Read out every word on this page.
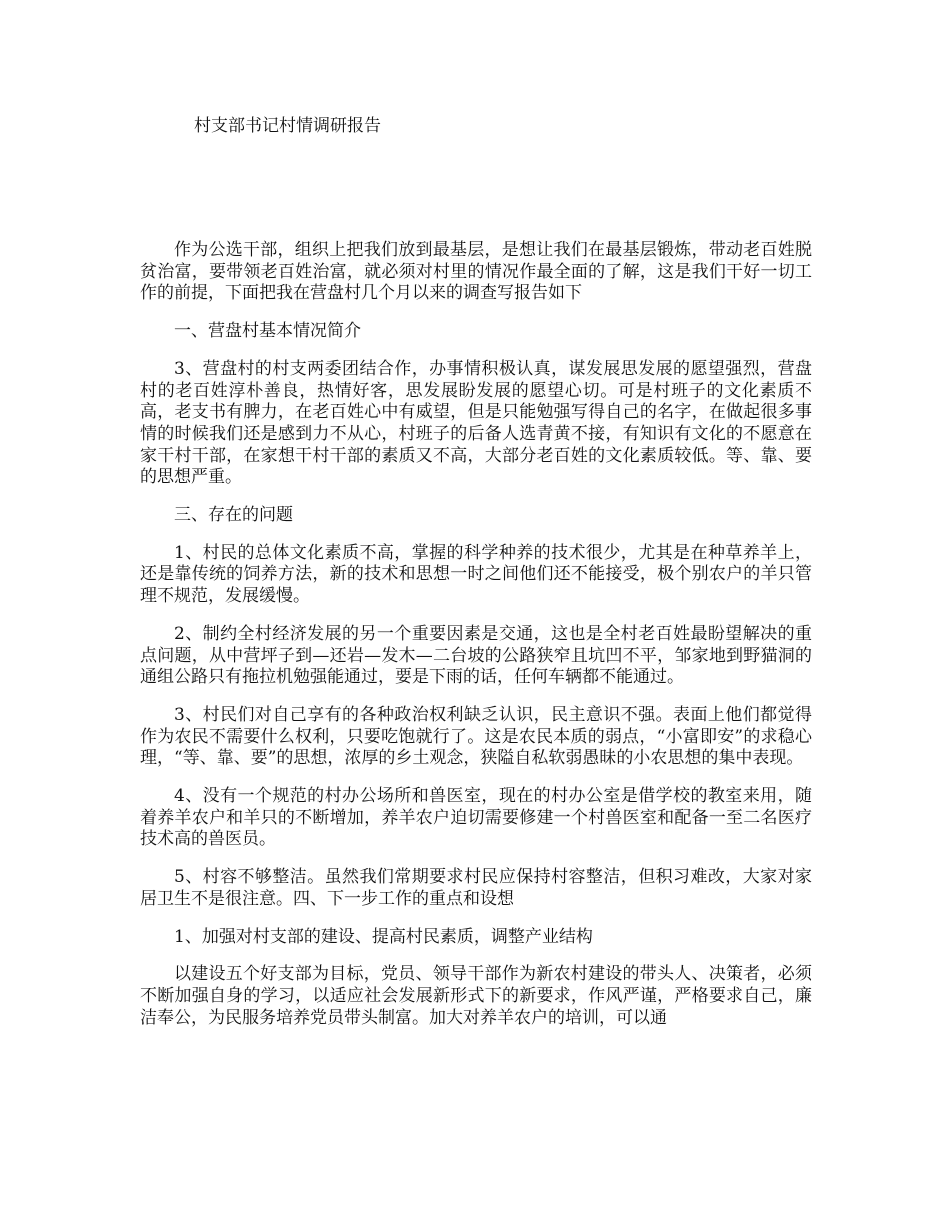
村支部书记村情调研报告

作为公选干部，组织上把我们放到最基层，是想让我们在最基层锻炼，带动老百姓脱贫治富，要带领老百姓治富，就必须对村里的情况作最全面的了解，这是我们干好一切工作的前提，下面把我在营盘村几个月以来的调查写报告如下

一、营盘村基本情况简介

3、营盘村的村支两委团结合作，办事情积极认真，谋发展思发展的愿望强烈，营盘村的老百姓淳朴善良，热情好客，思发展盼发展的愿望心切。可是村班子的文化素质不高，老支书有脾力，在老百姓心中有威望，但是只能勉强写得自己的名字，在做起很多事情的时候我们还是感到力不从心，村班子的后备人选青黄不接，有知识有文化的不愿意在家干村干部，在家想干村干部的素质又不高，大部分老百姓的文化素质较低。等、靠、要的思想严重。

三、存在的问题

1、村民的总体文化素质不高，掌握的科学种养的技术很少，尤其是在种草养羊上，还是靠传统的饲养方法，新的技术和思想一时之间他们还不能接受，极个别农户的羊只管理不规范，发展缓慢。

2、制约全村经济发展的另一个重要因素是交通，这也是全村老百姓最盼望解决的重点问题，从中营坪子到—还岩—发木—二台坡的公路狭窄且坑凹不平，邹家地到野猫洞的通组公路只有拖拉机勉强能通过，要是下雨的话，任何车辆都不能通过。

3、村民们对自己享有的各种政治权利缺乏认识，民主意识不强。表面上他们都觉得作为农民不需要什么权利，只要吃饱就行了。这是农民本质的弱点，“小富即安”的求稳心理，“等、靠、要”的思想，浓厚的乡土观念，狭隘自私软弱愚昧的小农思想的集中表现。

4、没有一个规范的村办公场所和兽医室，现在的村办公室是借学校的教室来用，随着养羊农户和羊只的不断增加，养羊农户迫切需要修建一个村兽医室和配备一至二名医疗技术高的兽医员。

5、村容不够整洁。虽然我们常期要求村民应保持村容整洁，但积习难改，大家对家居卫生不是很注意。四、下一步工作的重点和设想

1、加强对村支部的建设、提高村民素质，调整产业结构

以建设五个好支部为目标，党员、领导干部作为新农村建设的带头人、决策者，必须不断加强自身的学习，以适应社会发展新形式下的新要求，作风严谨，严格要求自己，廉洁奉公，为民服务培养党员带头制富。加大对养羊农户的培训，可以通
